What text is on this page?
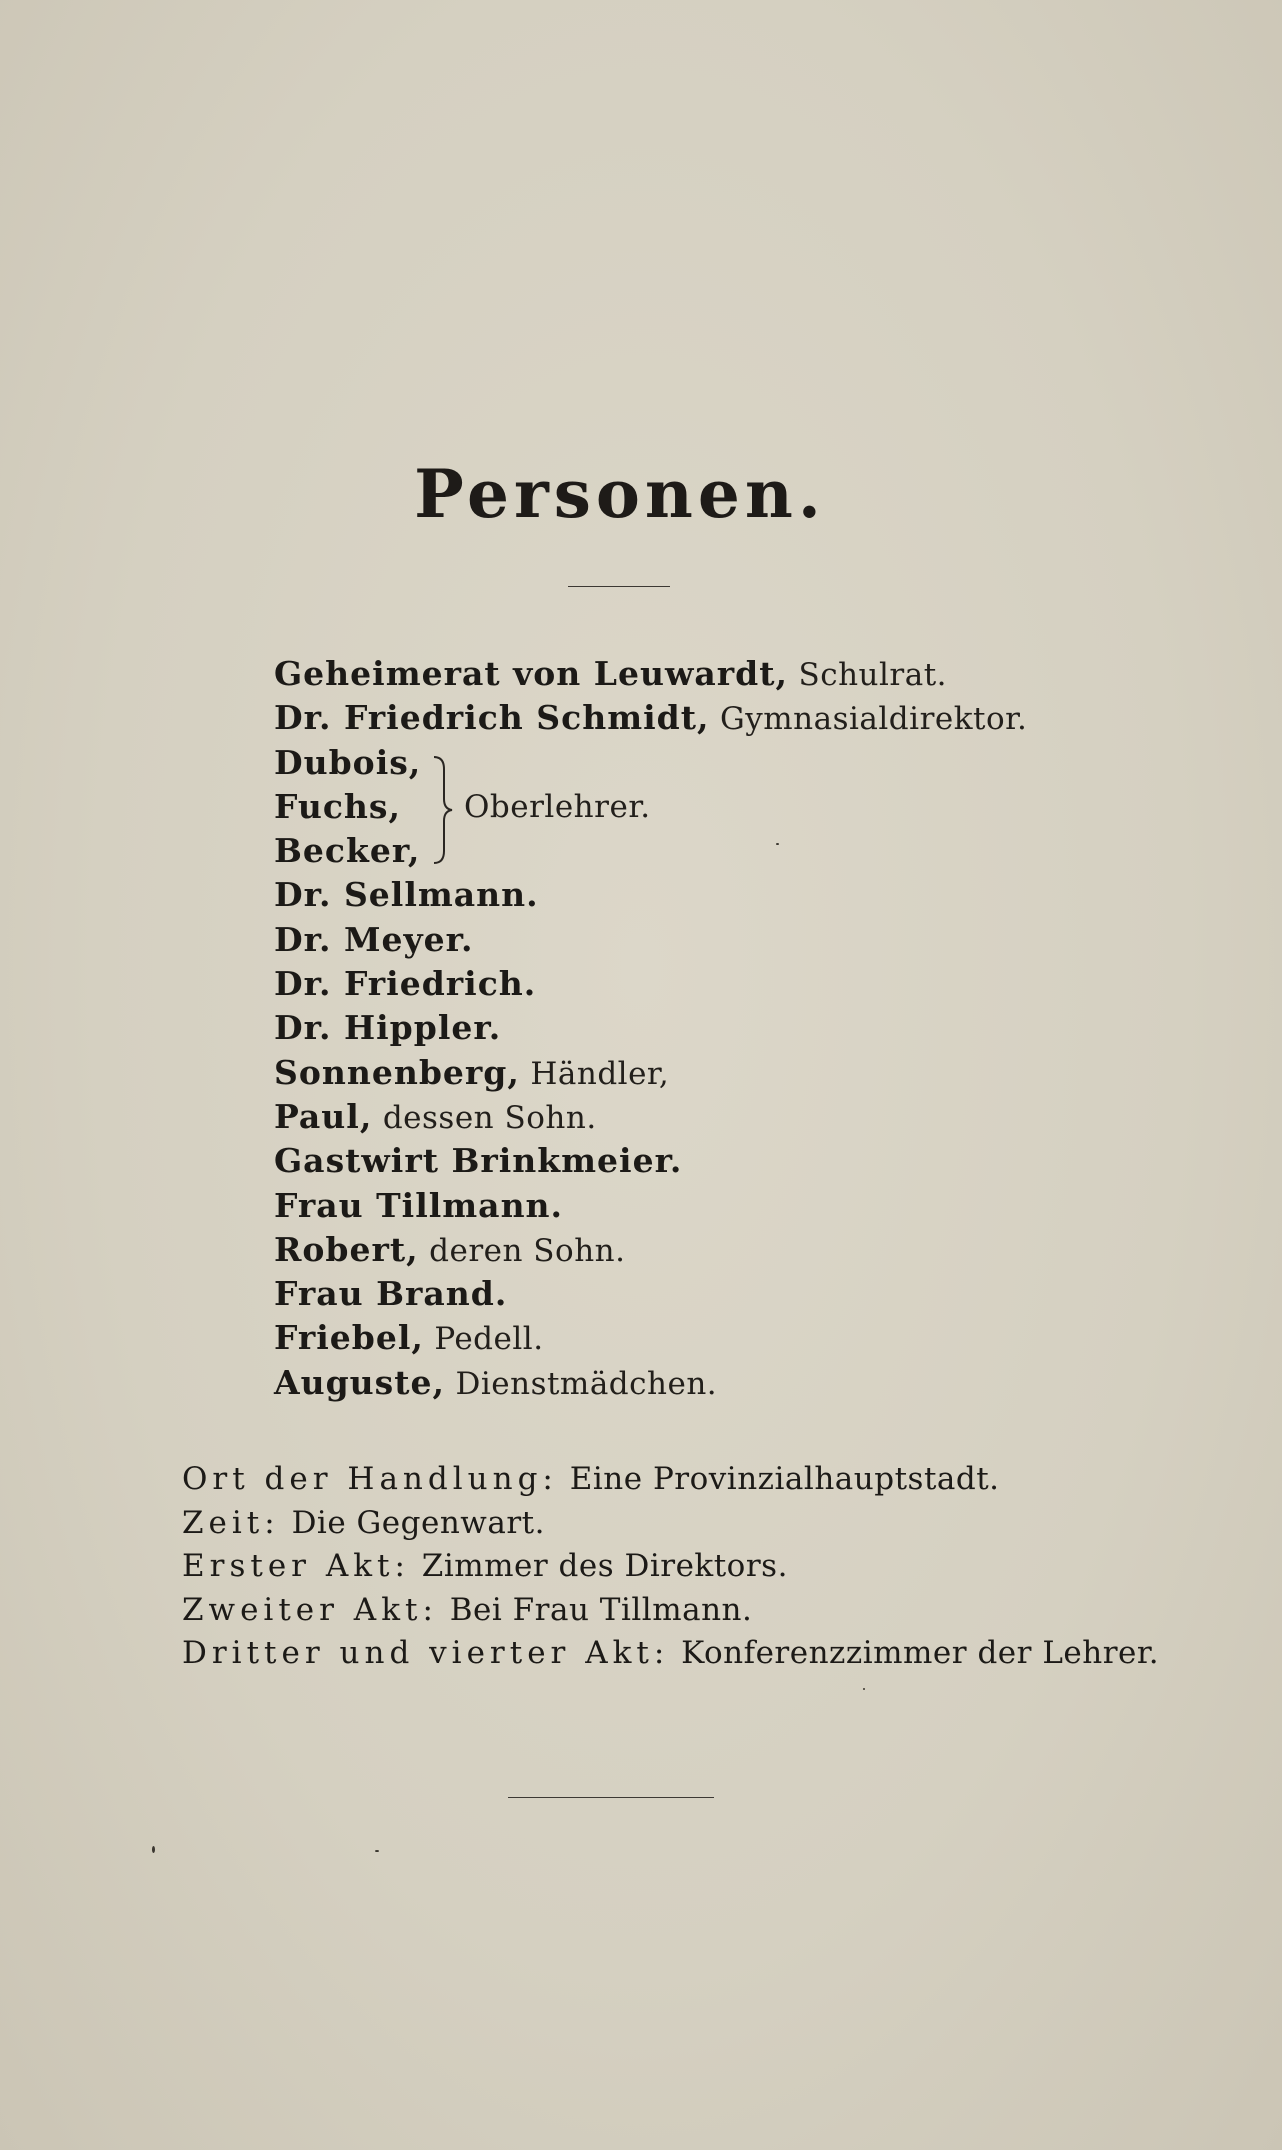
Personen.
Geheimerat von Leuwardt, Schulrat.
Dr. Friedrich Schmidt, Gymnasialdirektor.
Dubois,
Fuchs,
Becker,
Oberlehrer.
Dr. Sellmann.
Dr. Meyer.
Dr. Friedrich.
Dr. Hippler.
Sonnenberg, Händler,
Paul, dessen Sohn.
Gastwirt Brinkmeier.
Frau Tillmann.
Robert, deren Sohn.
Frau Brand.
Friebel, Pedell.
Auguste, Dienstmädchen.
Ort der Handlung: Eine Provinzialhauptstadt.
Zeit: Die Gegenwart.
Erster Akt: Zimmer des Direktors.
Zweiter Akt: Bei Frau Tillmann.
Dritter und vierter Akt: Konferenzzimmer der Lehrer.
